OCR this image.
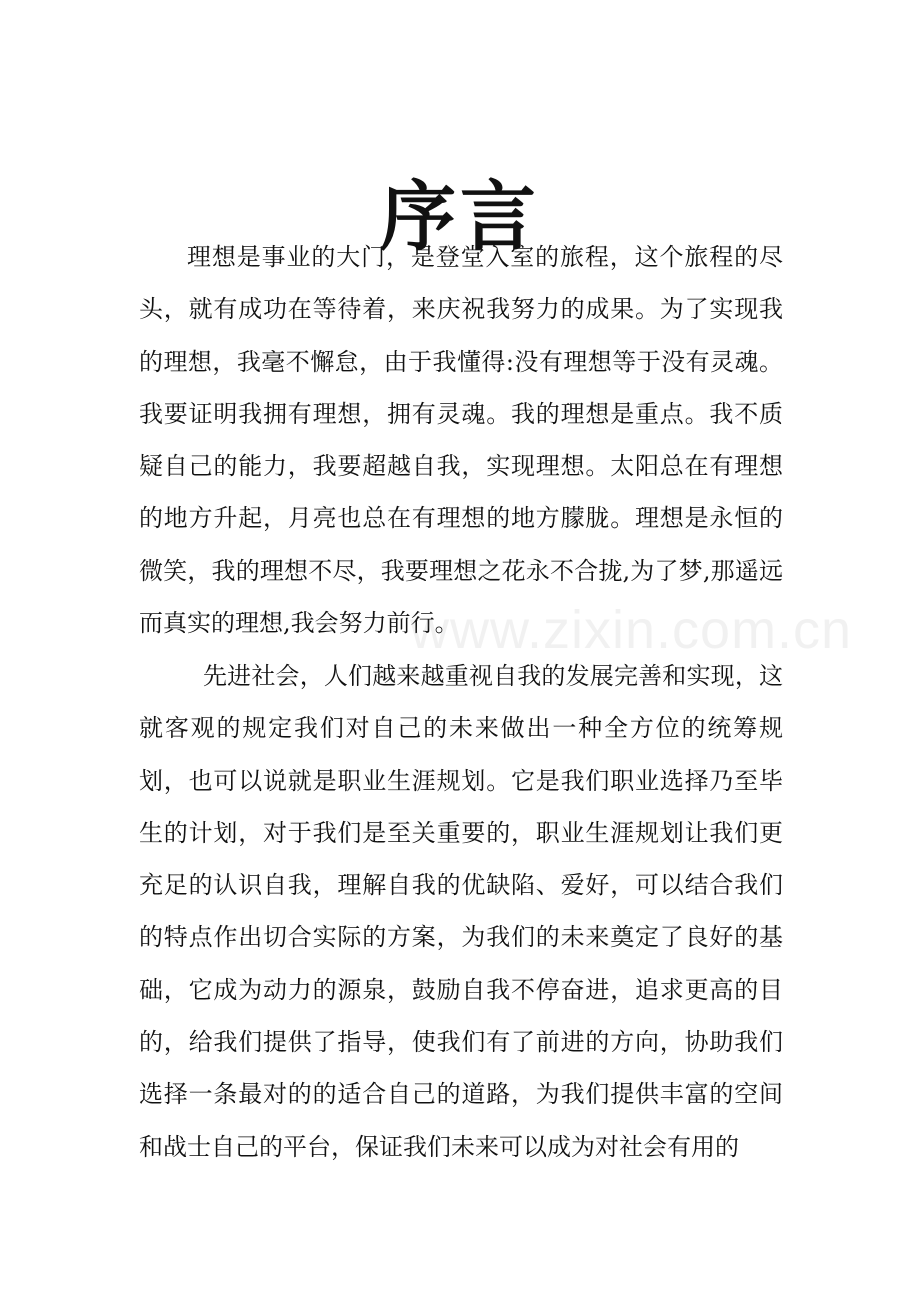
序言

理想是事业的大门，是登堂入室的旅程，这个旅程的尽头，就有成功在等待着，来庆祝我努力的成果。为了实现我的理想，我毫不懈怠，由于我懂得:没有理想等于没有灵魂。我要证明我拥有理想，拥有灵魂。我的理想是重点。我不质疑自己的能力，我要超越自我，实现理想。太阳总在有理想的地方升起，月亮也总在有理想的地方朦胧。理想是永恒的微笑，我的理想不尽，我要理想之花永不合拢,为了梦,那遥远而真实的理想,我会努力前行。

先进社会，人们越来越重视自我的发展完善和实现，这就客观的规定我们对自己的未来做出一种全方位的统筹规划，也可以说就是职业生涯规划。它是我们职业选择乃至毕生的计划，对于我们是至关重要的，职业生涯规划让我们更充足的认识自我，理解自我的优缺陷、爱好，可以结合我们的特点作出切合实际的方案，为我们的未来奠定了良好的基础，它成为动力的源泉，鼓励自我不停奋进，追求更高的目的，给我们提供了指导，使我们有了前进的方向，协助我们选择一条最对的的适合自己的道路，为我们提供丰富的空间和战士自己的平台，保证我们未来可以成为对社会有用的

www.zixin.com.cn
